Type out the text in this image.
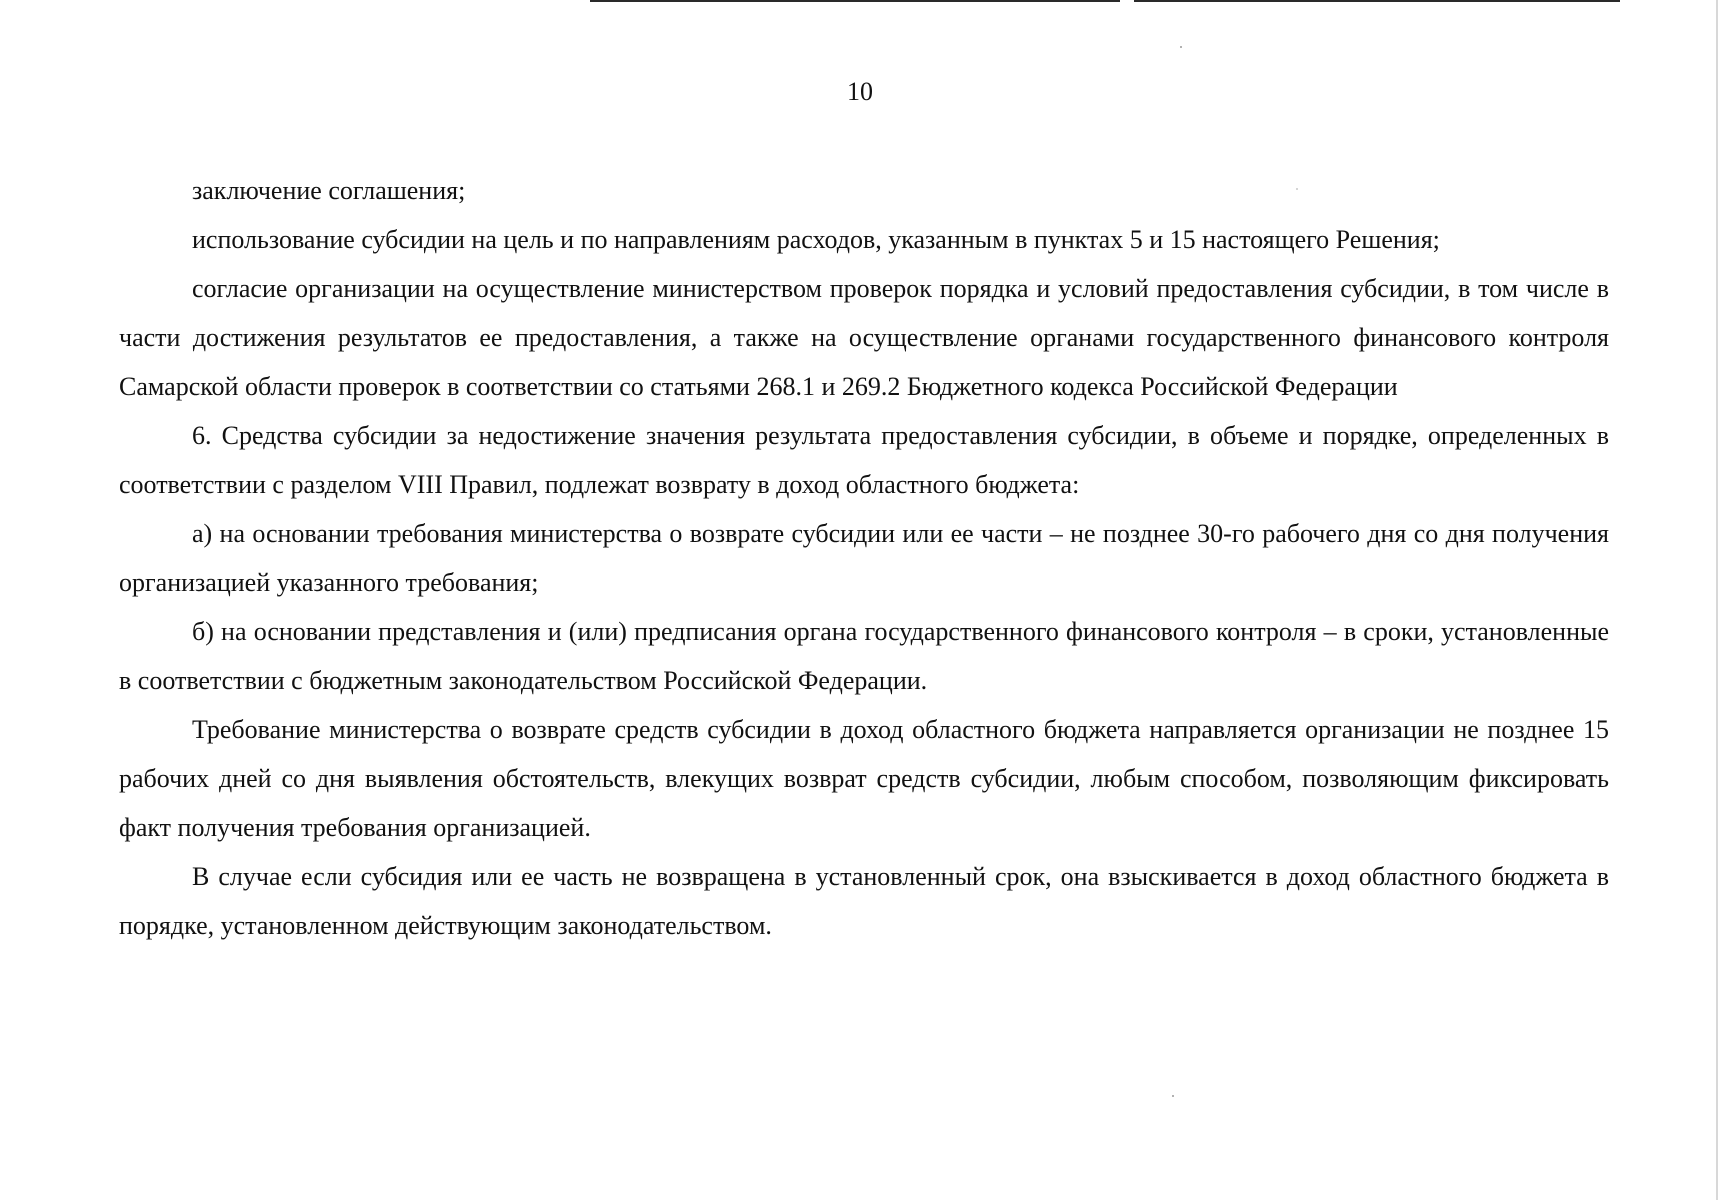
10

заключение соглашения;

использование субсидии на цель и по направлениям расходов, указанным в пунктах 5 и 15 настоящего Решения;

согласие организации на осуществление министерством проверок порядка и условий предоставления субсидии, в том числе в части достижения результатов ее предоставления, а также на осуществление органами государственного финансового контроля Самарской области проверок в соответствии со статьями 268.1 и 269.2 Бюджетного кодекса Российской Федерации

6. Средства субсидии за недостижение значения результата предоставления субсидии, в объеме и порядке, определенных в соответствии с разделом VIII Правил, подлежат возврату в доход областного бюджета:

а) на основании требования министерства о возврате субсидии или ее части – не позднее 30-го рабочего дня со дня получения организацией указанного требования;

б) на основании представления и (или) предписания органа государственного финансового контроля – в сроки, установленные в соответствии с бюджетным законодательством Российской Федерации.

Требование министерства о возврате средств субсидии в доход областного бюджета направляется организации не позднее 15 рабочих дней со дня выявления обстоятельств, влекущих возврат средств субсидии, любым способом, позволяющим фиксировать факт получения требования организацией.

В случае если субсидия или ее часть не возвращена в установленный срок, она взыскивается в доход областного бюджета в порядке, установленном действующим законодательством.
